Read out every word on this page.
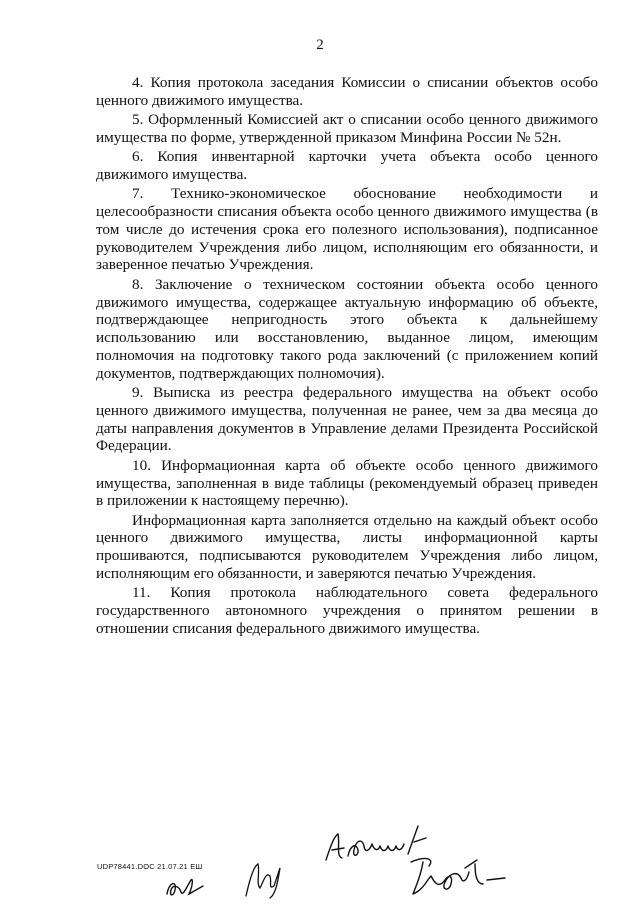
2

4. Копия протокола заседания Комиссии о списании объектов особо ценного движимого имущества.

5. Оформленный Комиссией акт о списании особо ценного движимого имущества по форме, утвержденной приказом Минфина России № 52н.

6. Копия инвентарной карточки учета объекта особо ценного движимого имущества.

7. Технико-экономическое обоснование необходимости и целесообразности списания объекта особо ценного движимого имущества (в том числе до истечения срока его полезного использования), подписанное руководителем Учреждения либо лицом, исполняющим его обязанности, и заверенное печатью Учреждения.

8. Заключение о техническом состоянии объекта особо ценного движимого имущества, содержащее актуальную информацию об объекте, подтверждающее непригодность этого объекта к дальнейшему использованию или восстановлению, выданное лицом, имеющим полномочия на подготовку такого рода заключений (с приложением копий документов, подтверждающих полномочия).

9. Выписка из реестра федерального имущества на объект особо ценного движимого имущества, полученная не ранее, чем за два месяца до даты направления документов в Управление делами Президента Российской Федерации.

10. Информационная карта об объекте особо ценного движимого имущества, заполненная в виде таблицы (рекомендуемый образец приведен в приложении к настоящему перечню).

Информационная карта заполняется отдельно на каждый объект особо ценного движимого имущества, листы информационной карты прошиваются, подписываются руководителем Учреждения либо лицом, исполняющим его обязанности, и заверяются печатью Учреждения.

11. Копия протокола наблюдательного совета федерального государственного автономного учреждения о принятом решении в отношении списания федерального движимого имущества.

UDP78441.DOC 21.07.21 ЕШ
